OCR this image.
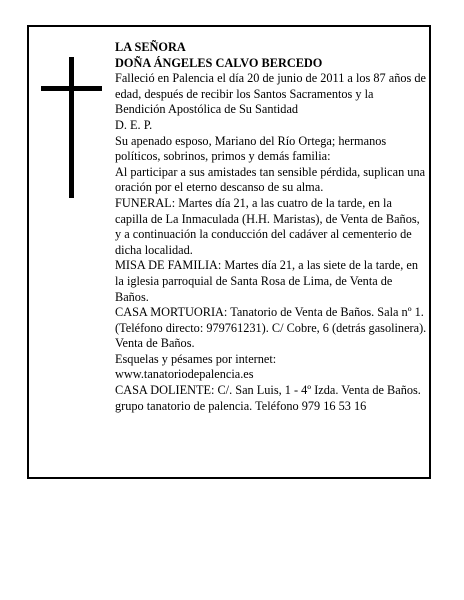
LA SEÑORA

DOÑA ÁNGELES CALVO BERCEDO

Falleció en Palencia el día 20 de junio de 2011 a los 87 años de edad, después de recibir los Santos Sacramentos y la Bendición Apostólica de Su Santidad

D. E. P.

Su apenado esposo, Mariano del Río Ortega; hermanos políticos, sobrinos, primos y demás familia:

Al participar a sus amistades tan sensible pérdida, suplican una oración por el eterno descanso de su alma.

FUNERAL: Martes día 21, a las cuatro de la tarde, en la capilla de La Inmaculada (H.H. Maristas), de Venta de Baños, y a continuación la conducción del cadáver al cementerio de dicha localidad.

MISA DE FAMILIA: Martes día 21, a las siete de la tarde, en la iglesia parroquial de Santa Rosa de Lima, de Venta de Baños.

CASA MORTUORIA: Tanatorio de Venta de Baños. Sala nº 1. (Teléfono directo: 979761231). C/ Cobre, 6 (detrás gasolinera). Venta de Baños.

Esquelas y pésames por internet:

www.tanatoriodepalencia.es

CASA DOLIENTE: C/. San Luis, 1 - 4º Izda. Venta de Baños.

grupo tanatorio de palencia. Teléfono 979 16 53 16
